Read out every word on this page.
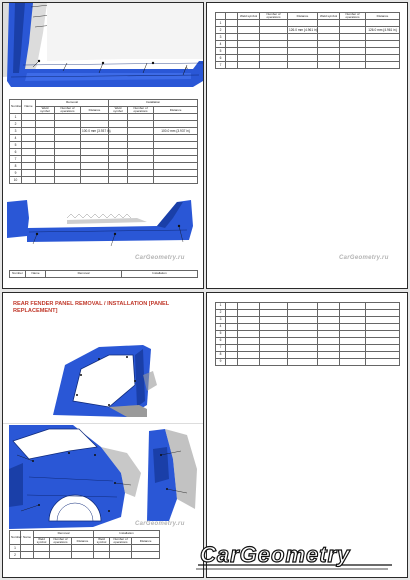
A
Number	Name	Removal			Installation		
		Weld symbol	Number of operations	Distance	Weld symbol	Number of operations	Distance
1							
2							
3				100.0 mm {3.937 in}			100.0 mm {3.937 in}
4							
5							
6							
7							
8							
9							
10							
CarGeometry.ru
Number	Name	Removal	Installation
		Weld symbol	Number of operations	Distance	Weld symbol	Number of operations	Distance
1							
2				126.0 mm {4.961 in}			126.0 mm {4.961 in}
3							
4							
5							
6							
7							
CarGeometry.ru
REAR FENDER PANEL REMOVAL / INSTALLATION [PANEL REPLACEMENT]
CarGeometry.ru
Number	Name	Removal			Installation		
		Weld symbol	Number of operations	Distance	Weld symbol	Number of operations	Distance
1							
2							
1							
2							
3							
4							
5							
6							
7							
8							
9							
CarGeometry
